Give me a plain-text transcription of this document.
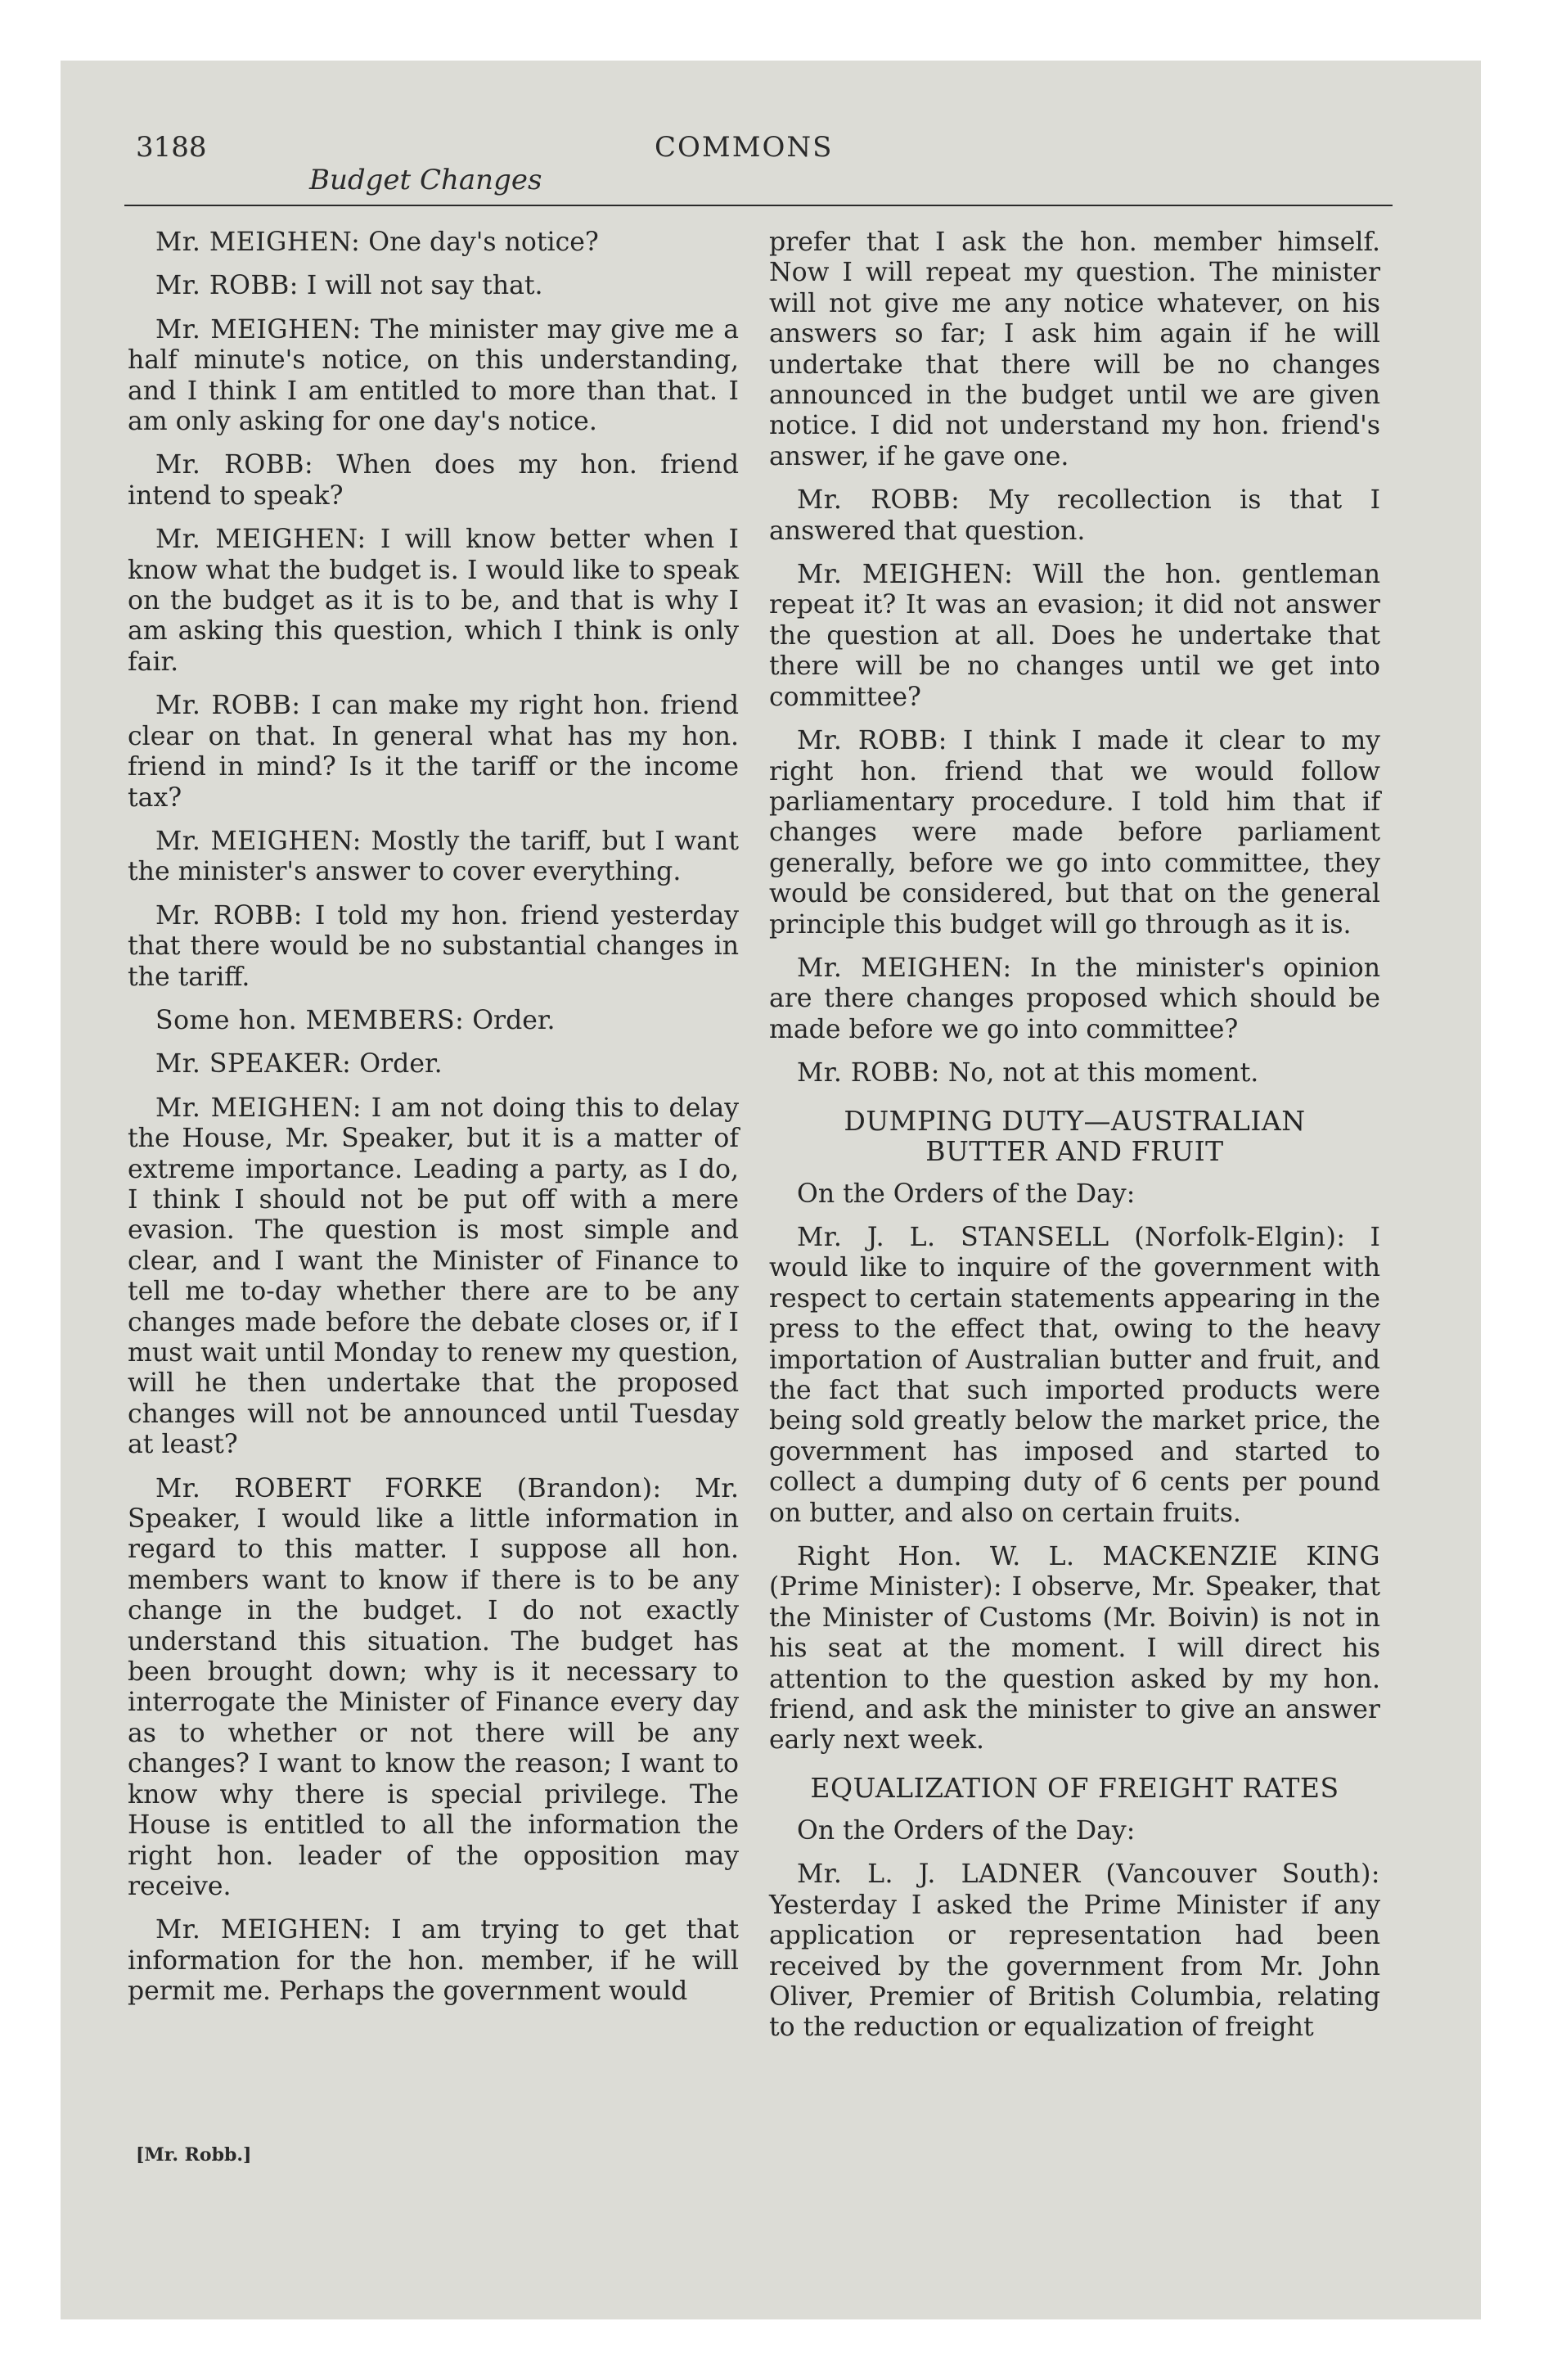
3188
Budget Changes
COMMONS

Mr. MEIGHEN: One day's notice?

Mr. ROBB: I will not say that.

Mr. MEIGHEN: The minister may give me a half minute's notice, on this understanding, and I think I am entitled to more than that. I am only asking for one day's notice.

Mr. ROBB: When does my hon. friend intend to speak?

Mr. MEIGHEN: I will know better when I know what the budget is. I would like to speak on the budget as it is to be, and that is why I am asking this question, which I think is only fair.

Mr. ROBB: I can make my right hon. friend clear on that. In general what has my hon. friend in mind? Is it the tariff or the income tax?

Mr. MEIGHEN: Mostly the tariff, but I want the minister's answer to cover everything.

Mr. ROBB: I told my hon. friend yesterday that there would be no substantial changes in the tariff.

Some hon. MEMBERS: Order.

Mr. SPEAKER: Order.

Mr. MEIGHEN: I am not doing this to delay the House, Mr. Speaker, but it is a matter of extreme importance. Leading a party, as I do, I think I should not be put off with a mere evasion. The question is most simple and clear, and I want the Minister of Finance to tell me to-day whether there are to be any changes made before the debate closes or, if I must wait until Monday to renew my question, will he then undertake that the proposed changes will not be announced until Tuesday at least?

Mr. ROBERT FORKE (Brandon): Mr. Speaker, I would like a little information in regard to this matter. I suppose all hon. members want to know if there is to be any change in the budget. I do not exactly understand this situation. The budget has been brought down; why is it necessary to interrogate the Minister of Finance every day as to whether or not there will be any changes? I want to know the reason; I want to know why there is special privilege. The House is entitled to all the information the right hon. leader of the opposition may receive.

Mr. MEIGHEN: I am trying to get that information for the hon. member, if he will permit me. Perhaps the government would

prefer that I ask the hon. member himself. Now I will repeat my question. The minister will not give me any notice whatever, on his answers so far; I ask him again if he will undertake that there will be no changes announced in the budget until we are given notice. I did not understand my hon. friend's answer, if he gave one.

Mr. ROBB: My recollection is that I answered that question.

Mr. MEIGHEN: Will the hon. gentleman repeat it? It was an evasion; it did not answer the question at all. Does he undertake that there will be no changes until we get into committee?

Mr. ROBB: I think I made it clear to my right hon. friend that we would follow parliamentary procedure. I told him that if changes were made before parliament generally, before we go into committee, they would be considered, but that on the general principle this budget will go through as it is.

Mr. MEIGHEN: In the minister's opinion are there changes proposed which should be made before we go into committee?

Mr. ROBB: No, not at this moment.

DUMPING DUTY—AUSTRALIAN BUTTER AND FRUIT

On the Orders of the Day:

Mr. J. L. STANSELL (Norfolk-Elgin): I would like to inquire of the government with respect to certain statements appearing in the press to the effect that, owing to the heavy importation of Australian butter and fruit, and the fact that such imported products were being sold greatly below the market price, the government has imposed and started to collect a dumping duty of 6 cents per pound on butter, and also on certain fruits.

Right Hon. W. L. MACKENZIE KING (Prime Minister): I observe, Mr. Speaker, that the Minister of Customs (Mr. Boivin) is not in his seat at the moment. I will direct his attention to the question asked by my hon. friend, and ask the minister to give an answer early next week.

EQUALIZATION OF FREIGHT RATES

On the Orders of the Day:

Mr. L. J. LADNER (Vancouver South): Yesterday I asked the Prime Minister if any application or representation had been received by the government from Mr. John Oliver, Premier of British Columbia, relating to the reduction or equalization of freight

[Mr. Robb.]
